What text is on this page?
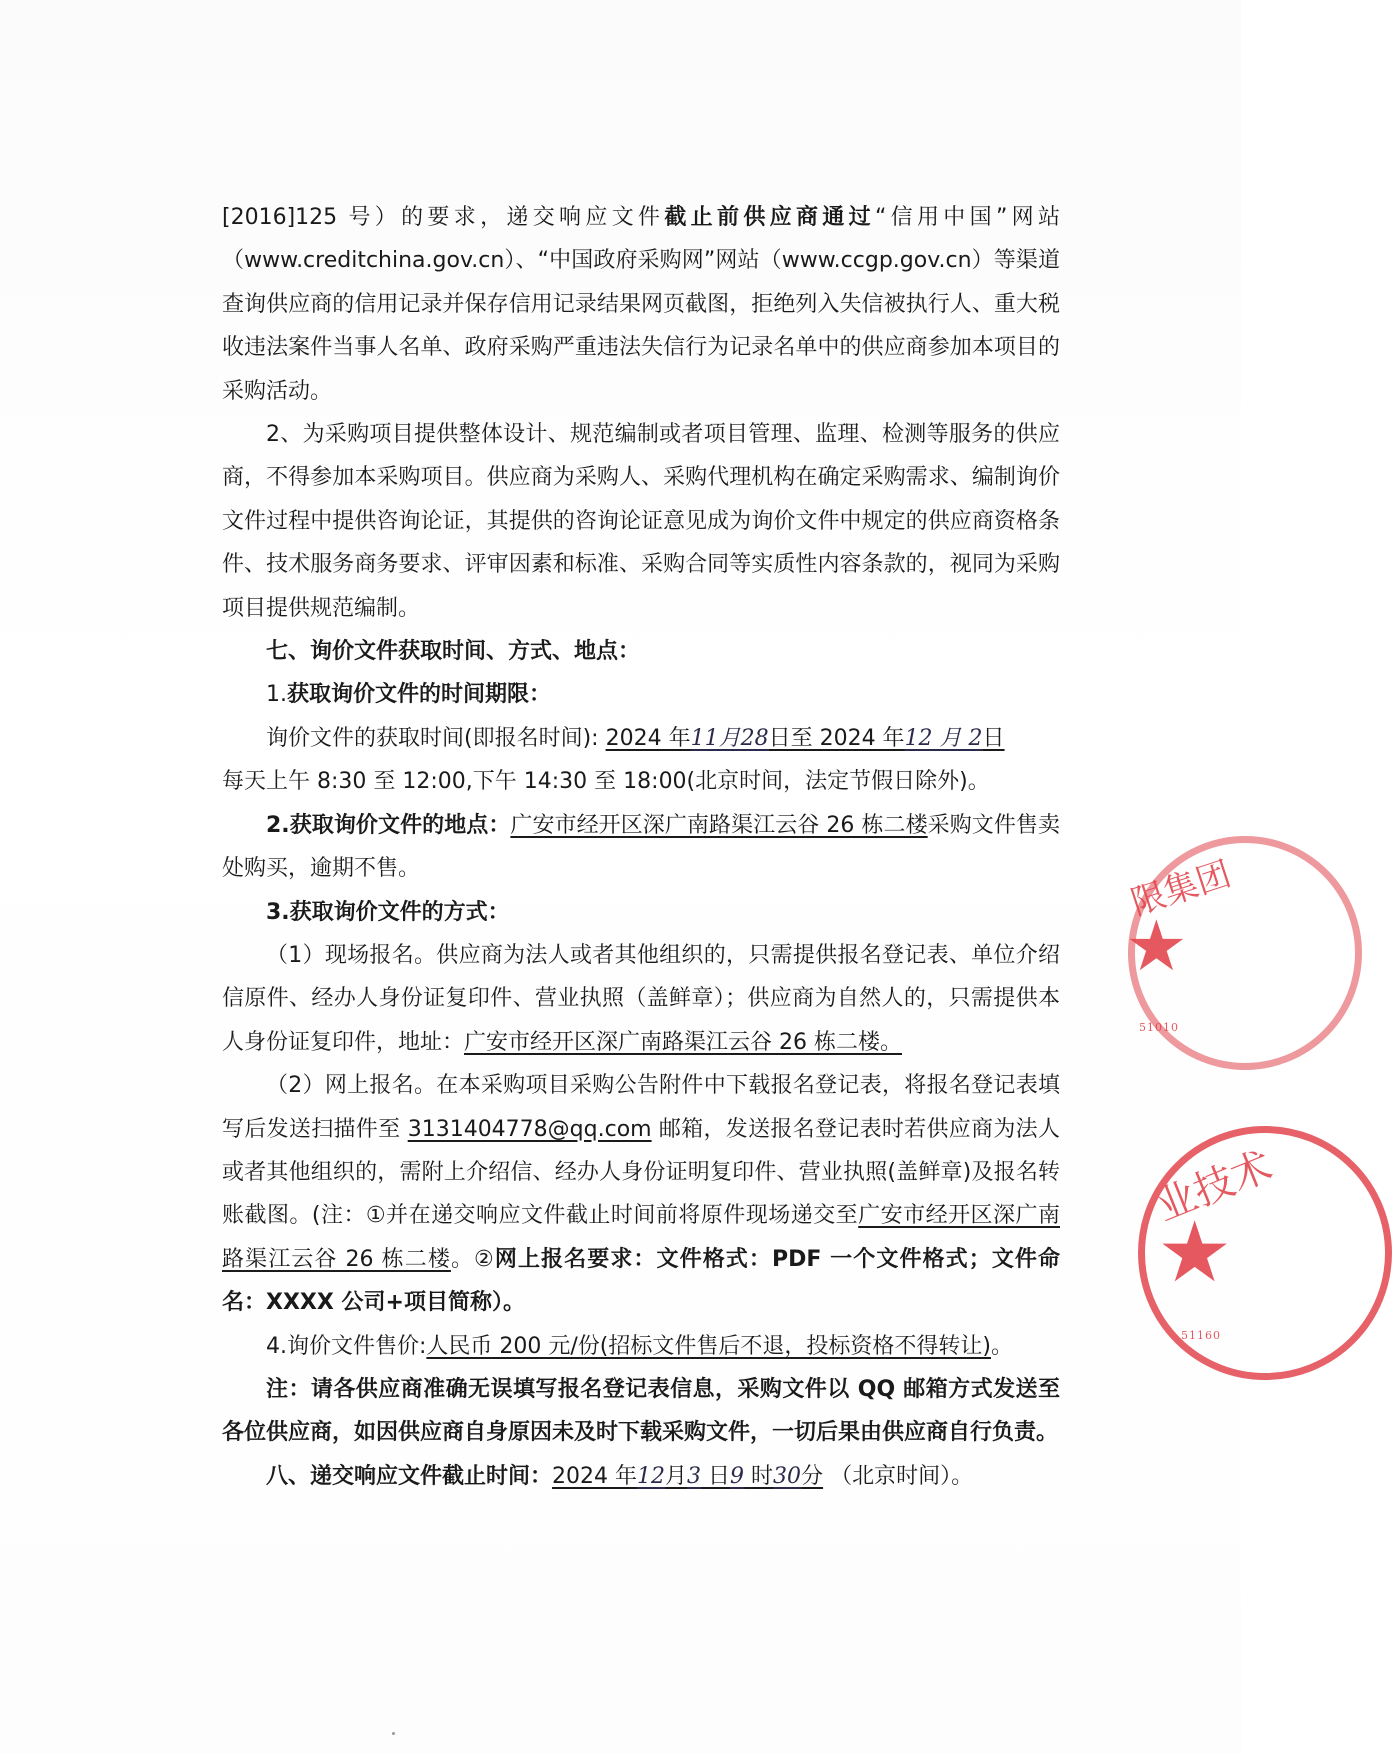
[2016]125 号）的要求，递交响应文件截止前供应商通过“信用中国”网站（www.creditchina.gov.cn）、“中国政府采购网”网站（www.ccgp.gov.cn）等渠道查询供应商的信用记录并保存信用记录结果网页截图，拒绝列入失信被执行人、重大税收违法案件当事人名单、政府采购严重违法失信行为记录名单中的供应商参加本项目的采购活动。

2、为采购项目提供整体设计、规范编制或者项目管理、监理、检测等服务的供应商，不得参加本采购项目。供应商为采购人、采购代理机构在确定采购需求、编制询价文件过程中提供咨询论证，其提供的咨询论证意见成为询价文件中规定的供应商资格条件、技术服务商务要求、评审因素和标准、采购合同等实质性内容条款的，视同为采购项目提供规范编制。

七、询价文件获取时间、方式、地点：

1.获取询价文件的时间期限：

询价文件的获取时间(即报名时间): 2024 年11月28日至 2024 年12 月 2日

每天上午 8:30 至 12:00,下午 14:30 至 18:00(北京时间，法定节假日除外)。

2.获取询价文件的地点：广安市经开区深广南路渠江云谷 26 栋二楼采购文件售卖处购买，逾期不售。

3.获取询价文件的方式：

（1）现场报名。供应商为法人或者其他组织的，只需提供报名登记表、单位介绍信原件、经办人身份证复印件、营业执照（盖鲜章）；供应商为自然人的，只需提供本人身份证复印件，地址：广安市经开区深广南路渠江云谷 26 栋二楼。

（2）网上报名。在本采购项目采购公告附件中下载报名登记表，将报名登记表填写后发送扫描件至 3131404778@qq.com 邮箱，发送报名登记表时若供应商为法人或者其他组织的，需附上介绍信、经办人身份证明复印件、营业执照(盖鲜章)及报名转账截图。(注：①并在递交响应文件截止时间前将原件现场递交至广安市经开区深广南路渠江云谷 26 栋二楼。②网上报名要求：文件格式：PDF 一个文件格式；文件命名：XXXX 公司+项目简称）。

4.询价文件售价:人民币 200 元/份(招标文件售后不退，投标资格不得转让)。

注：请各供应商准确无误填写报名登记表信息，采购文件以 QQ 邮箱方式发送至各位供应商，如因供应商自身原因未及时下载采购文件，一切后果由供应商自行负责。

八、递交响应文件截止时间：2024 年12月3 日9 时30分 （北京时间）。

限集团
★
51010
业技术
★
51160
